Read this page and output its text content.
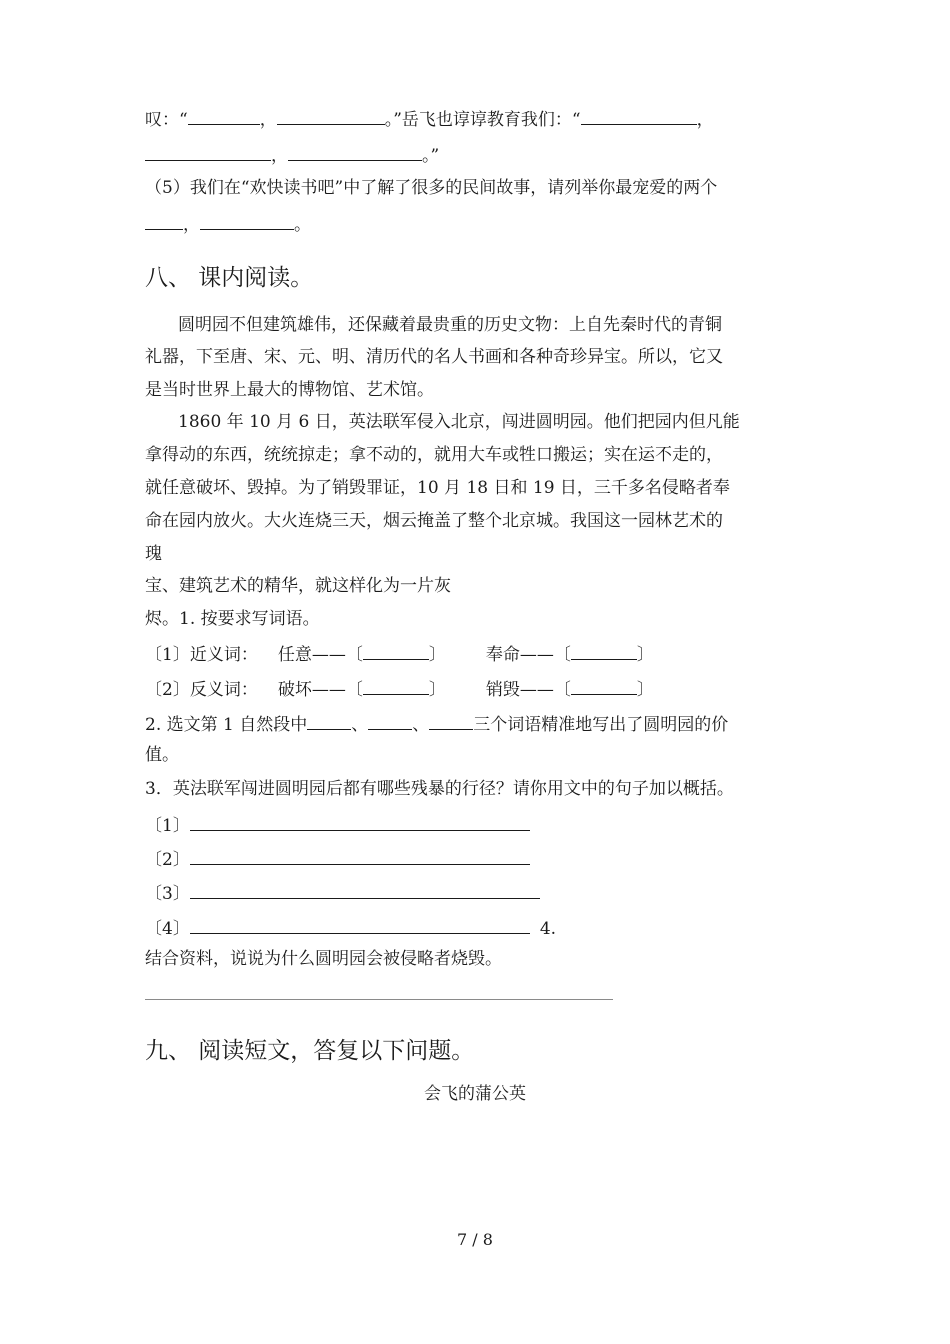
叹：“	，	。”岳飞也谆谆教育我们：“	，
，	。”
（5）我们在“欢快读书吧”中了解了很多的民间故事，请列举你最宠爱的两个
，	。
八、 课内阅读。
圆明园不但建筑雄伟，还保藏着最贵重的历史文物：上自先秦时代的青铜
礼器，下至唐、宋、元、明、清历代的名人书画和各种奇珍异宝。所以，它又
是当时世界上最大的博物馆、艺术馆。
1860 年 10 月 6 日，英法联军侵入北京，闯进圆明园。他们把园内但凡能
拿得动的东西，统统掠走；拿不动的，就用大车或牲口搬运；实在运不走的，
就任意破坏、毁掉。为了销毁罪证，10 月 18 日和 19 日，三千多名侵略者奉
命在园内放火。大火连烧三天，烟云掩盖了整个北京城。我国这一园林艺术的
瑰
宝、建筑艺术的精华，就这样化为一片灰
烬。1. 按要求写词语。
〔1〕近义词： 任意——〔	〕 奉命——〔	〕
〔2〕反义词： 破坏——〔	〕 销毁——〔	〕
2. 选文第 1 自然段中	、	、	三个词语精准地写出了圆明园的价
值。
3．英法联军闯进圆明园后都有哪些残暴的行径？请你用文中的句子加以概括。
〔1〕
〔2〕
〔3〕
〔4〕	4.
结合资料，说说为什么圆明园会被侵略者烧毁。
九、 阅读短文，答复以下问题。
会飞的蒲公英
7 / 8
